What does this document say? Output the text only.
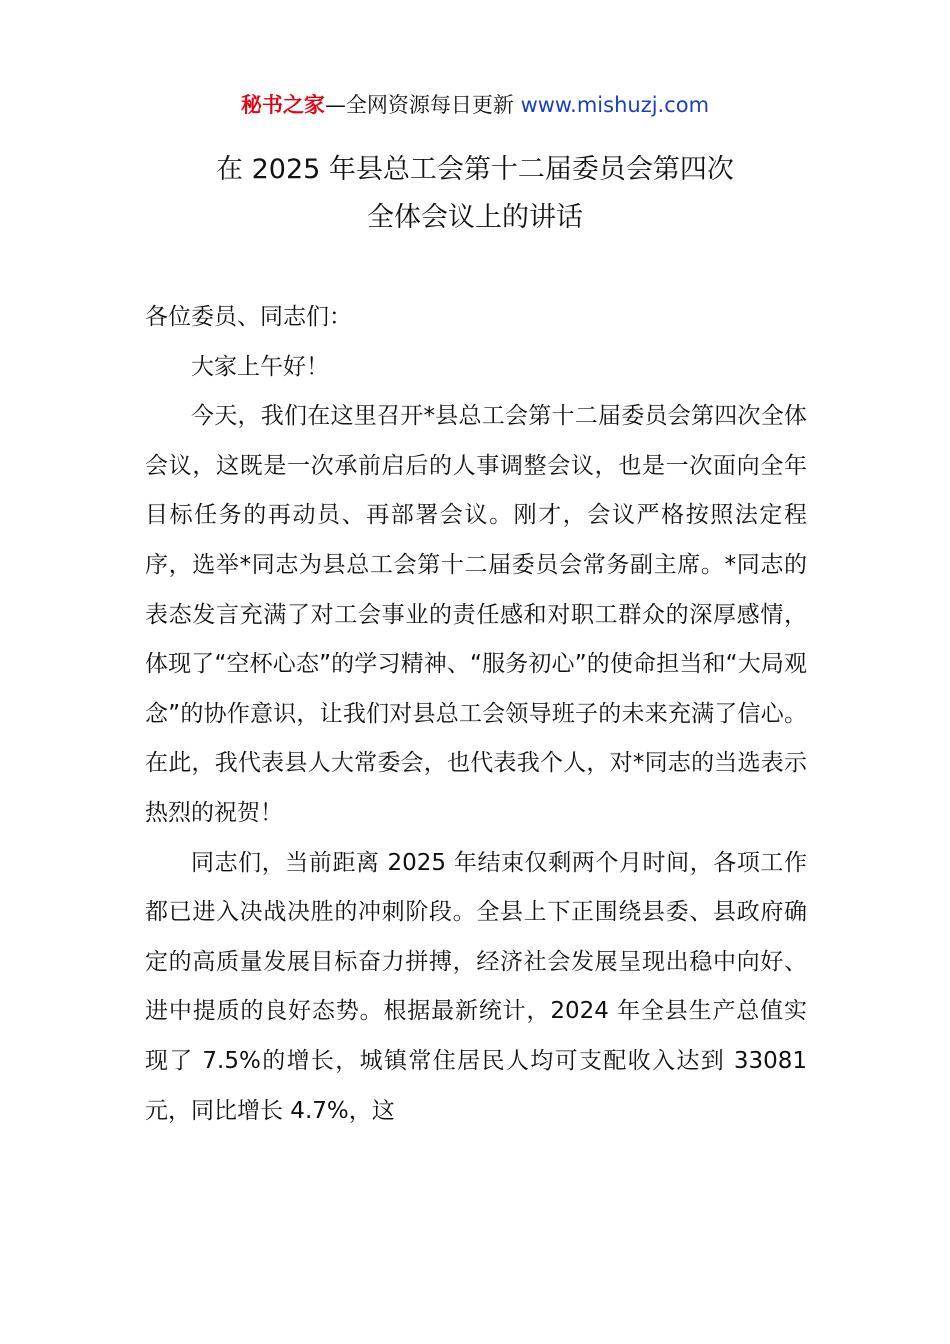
秘书之家—全网资源每日更新 www.mishuzj.com
在 2025 年县总工会第十二届委员会第四次
全体会议上的讲话

各位委员、同志们：

大家上午好！

今天，我们在这里召开*县总工会第十二届委员会第四次全体会议，这既是一次承前启后的人事调整会议，也是一次面向全年目标任务的再动员、再部署会议。刚才，会议严格按照法定程序，选举*同志为县总工会第十二届委员会常务副主席。*同志的表态发言充满了对工会事业的责任感和对职工群众的深厚感情，体现了“空杯心态”的学习精神、“服务初心”的使命担当和“大局观念”的协作意识，让我们对县总工会领导班子的未来充满了信心。在此，我代表县人大常委会，也代表我个人，对*同志的当选表示热烈的祝贺！

同志们，当前距离 2025 年结束仅剩两个月时间，各项工作都已进入决战决胜的冲刺阶段。全县上下正围绕县委、县政府确定的高质量发展目标奋力拼搏，经济社会发展呈现出稳中向好、进中提质的良好态势。根据最新统计，2024 年全县生产总值实现了 7.5%的增长，城镇常住居民人均可支配收入达到 33081 元，同比增长 4.7%，这
